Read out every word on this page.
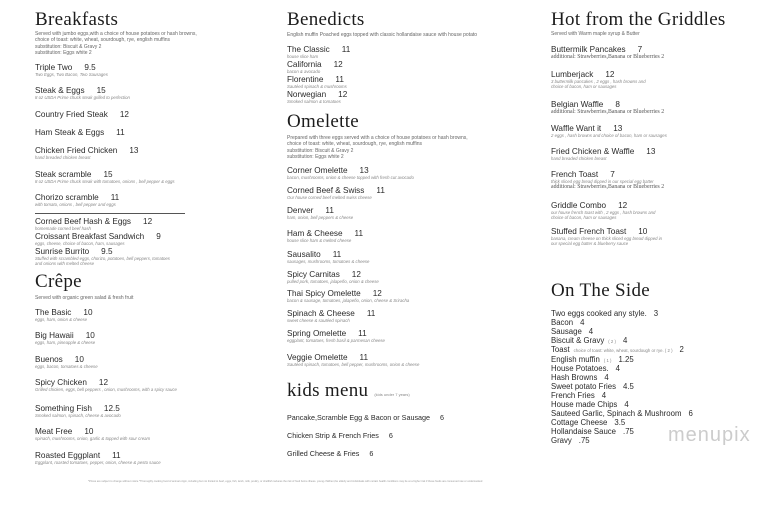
Breakfasts
Served with jumbo eggs,with a choice of house potatoes or hash browns,
choice of toast: white, wheat, sourdough, rye, english muffins
substitution: Biscuit & Gravy 2
substitution: Eggs white 2
Triple Two 9.5
Two Eggs, Two Bacon, Two Sausages
Steak & Eggs 15
8 oz USDA Prime chuck steak grilled to perfection
Country Fried Steak 12
Ham Steak & Eggs 11
Chicken Fried Chicken 13
hand breaded chicken breast
Steak scramble 15
8 oz USDA Prime chuck steak with tomatoes, onions , bell pepper & eggs
Chorizo scramble 11
with tomato, onions , bell pepper and eggs
Corned Beef Hash & Eggs 12
homemade corned beef hash
Croissant Breakfast Sandwich 9
eggs, cheese, choice of bacon, ham, sausages
Sunrise Burrito 9.5
Stuffed with scrambled eggs, chorizo, potatoes, bell peppers, tomatoes
and onions with melted cheese
Crêpe
Served with organic green salad & fresh fruit
The Basic 10
eggs, ham, onion & cheese
Big Hawaii 10
eggs, ham, pineapple & cheese
Buenos 10
eggs, bacon, tomatoes & cheese
Spicy Chicken 12
Grilled chicken, eggs, bell peppers , onion, mushrooms, with a spicy sauce
Something Fish 12.5
Smoked salmon, spinach, cheese & avocado
Meat Free 10
spinach, mushrooms, onion, garlic & topped with sour cream
Roasted Eggplant 11
Eggplant, roasted tomatoes, pepper, onion, cheese & pesto sauce
Benedicts
English muffin Poached eggs topped with classic hollandaise sauce with house potato
The Classic 11
house slice ham
California 12
bacon & avocado
Florentine 11
Sautéed spinach & mushrooms
Norwegian 12
Smoked salmon & tomatoes
Omelette
Prepared with three eggs served with a choice of house potatoes or hash browns,
choice of toast: white, wheat, sourdough, rye, english muffins
substitution: Biscuit & Gravy 2
substitution: Eggs white 2
Corner Omelette 13
bacon, mushrooms, onion & cheese topped with fresh cut avocado
Corned Beef & Swiss 11
Our house corned beef melted swiss cheese
Denver 11
ham, onion, bell peppers & cheese
Ham & Cheese 11
house slice ham & melted cheese
Sausalito 11
sausages, mushrooms, tomatoes & cheese
Spicy Carnitas 12
pulled pork, tomatoes, jalapeño, onion & cheese
Thai Spicy Omelette 12
bacon & sausage, tomatoes, jalapeño, onion, cheese & Sriracha
Spinach & Cheese 11
sweet cheese & sautéed spinach
Spring Omelette 11
eggplant, tomatoes, fresh basil & parmesan cheese
Veggie Omelette 11
Sautéed spinach, tomatoes, bell pepper, mushrooms, onion & cheese
Hot from the Griddles
Served with Warm maple syrup & Butter
Buttermilk Pancakes 7
additional: Strawberries,Banana or Blueberries 2
Lumberjack 12
3 buttermilk pancakes , 2 eggs , hash browns and
choice of bacon, ham or sausages
Belgian Waffle 8
additional: Strawberries,Banana or Blueberries 2
Waffle Want it 13
2 eggs , hash browns and choice of bacon, ham or sausages
Fried Chicken & Waffle 13
hand breaded chicken breast
French Toast 7
thick sliced egg bread dipped in our special egg batter
additional: Strawberries,Banana or Blueberries 2
Griddle Combo 12
our house french toast with , 2 eggs , hash browns and
choice of bacon, ham or sausages
Stuffed French Toast 10
banana, cream cheese on thick sliced egg bread dipped in
our special egg batter & blueberry sauce
kids menu (kids under 7 years)
Pancake,Scramble Egg & Bacon or Sausage 6
Chicken Strip & French Fries 6
Grilled Cheese & Fries 6
On The Side
Two eggs cooked any style. 3
Bacon 4
Sausage 4
Biscuit & Gravy ( 2 ) 4
Toast choice of toast: white, wheat, sourdough or rye. ( 2 ) 2
English muffin ( 1 ) 1.25
House Potatoes. 4
Hash Browns 4
Sweet potato Fries 4.5
French Fries 4
House made Chips 4
Sauteed Garlic, Spinach & Mushroom 6
Cottage Cheese 3.5
Hollandaise Sauce .75
Gravy .75
*Prices are subject to change without notice *Thoroughly cooking food of animal origin, including but not limited to beef, eggs, fish, lamb, milk, poultry, or shellfish reduces the risk of food borne illness. young children,the elderly and individuals with certain health conditions may be at a higher risk if these foods are consumed raw or undercooked
menupix
